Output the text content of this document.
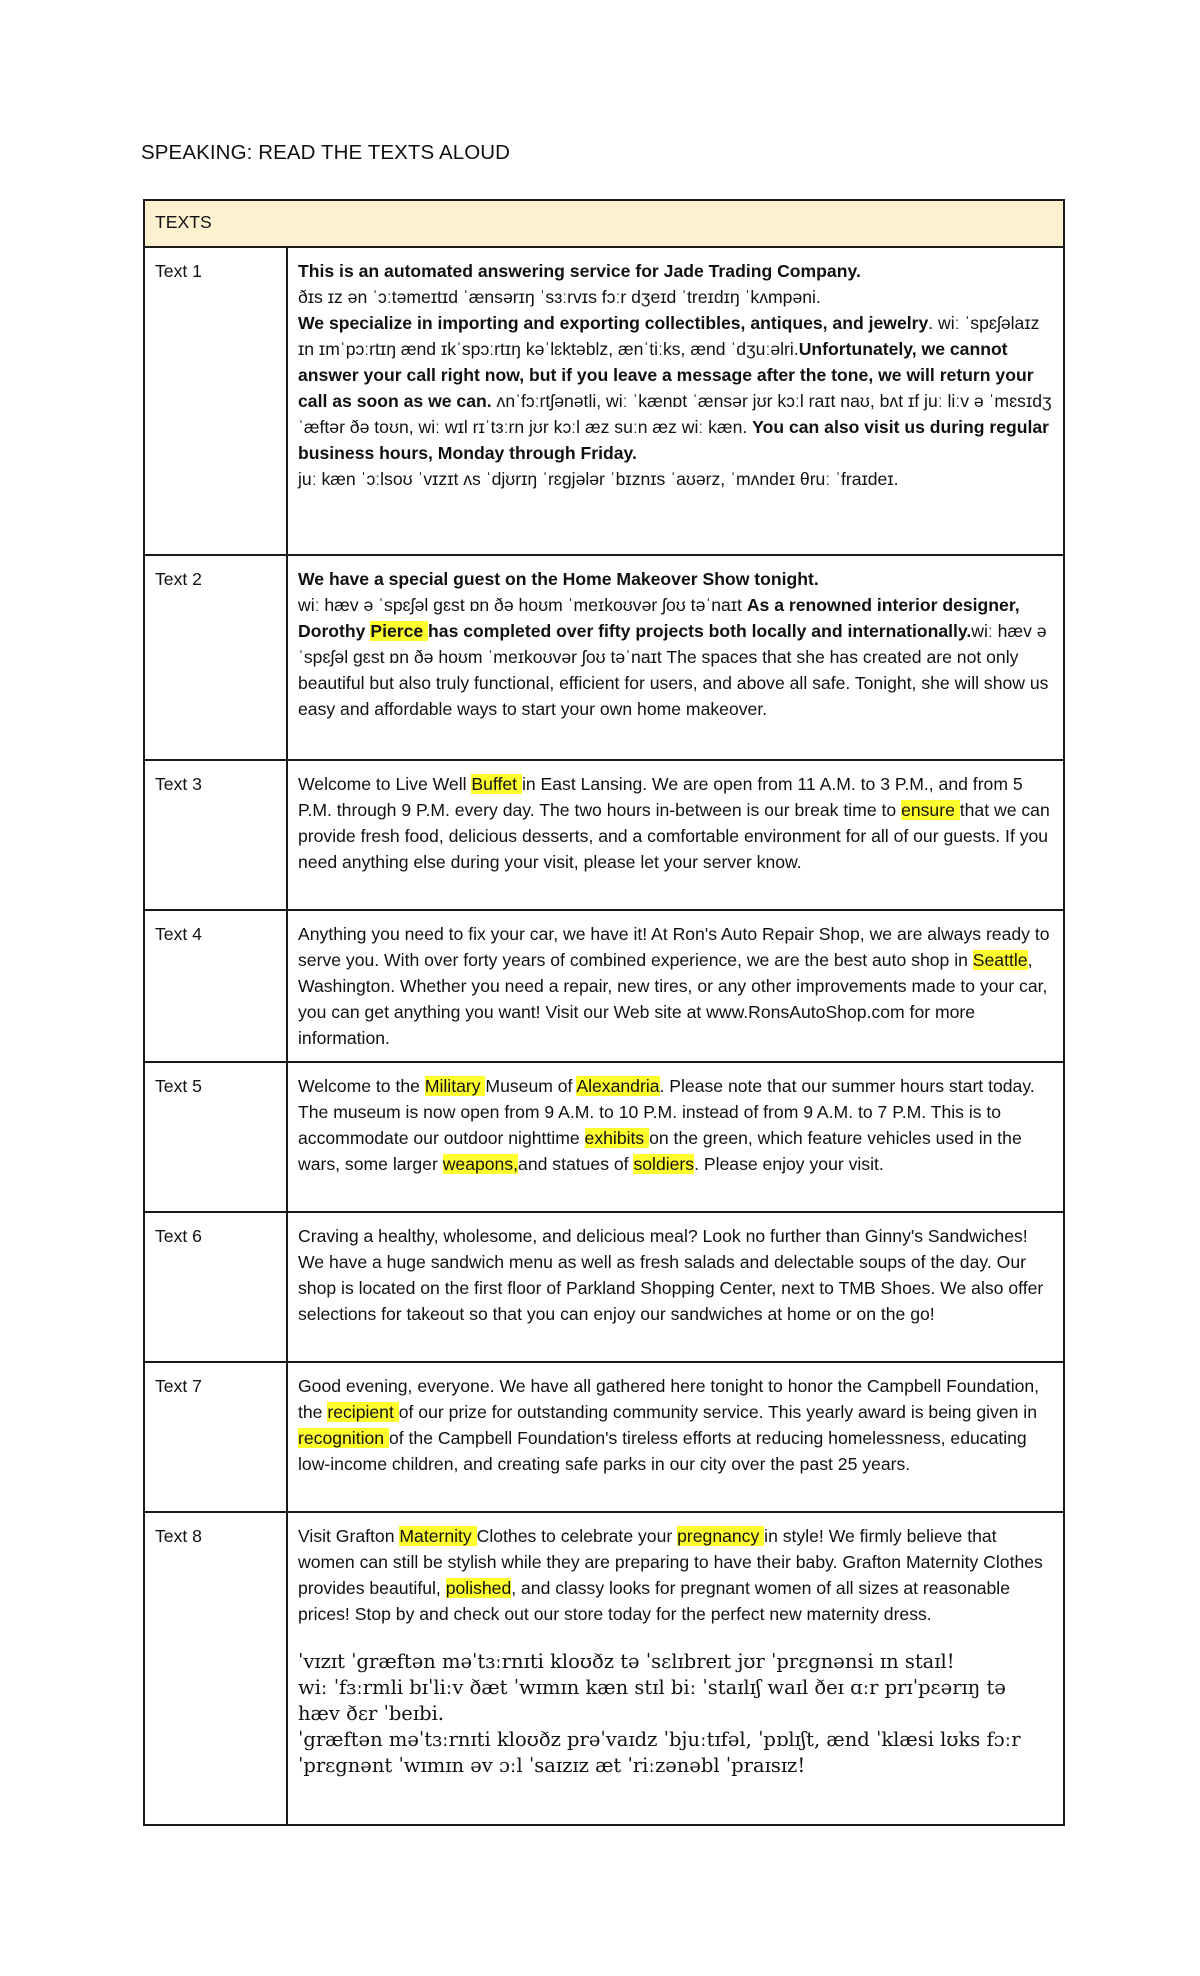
SPEAKING: READ THE TEXTS ALOUD
TEXTS	
Text 1	This is an automated answering service for Jade Trading Company.
ðɪs ɪz ən ˈɔːtəmeɪtɪd ˈænsərɪŋ ˈsɜːrvɪs fɔːr dʒeɪd ˈtreɪdɪŋ ˈkʌmpəni.
We specialize in importing and exporting collectibles, antiques, and jewelry. wiː ˈspɛʃəlaɪz ɪn ɪmˈpɔːrtɪŋ ænd ɪkˈspɔːrtɪŋ kəˈlɛktəblz, ænˈtiːks, ænd ˈdʒuːəlri.Unfortunately, we cannot answer your call right now, but if you leave a message after the tone, we will return your call as soon as we can. ʌnˈfɔːrtʃənətli, wiː ˈkænɒt ˈænsər jʊr kɔːl raɪt naʊ, bʌt ɪf juː liːv ə ˈmɛsɪdʒ ˈæftər ðə toʊn, wiː wɪl rɪˈtɜːrn jʊr kɔːl æz suːn æz wiː kæn. You can also visit us during regular business hours, Monday through Friday.
juː kæn ˈɔːlsoʊ ˈvɪzɪt ʌs ˈdjʊrɪŋ ˈrɛgjələr ˈbɪznɪs ˈaʊərz, ˈmʌndeɪ θruː ˈfraɪdeɪ.

Text 2	We have a special guest on the Home Makeover Show tonight.
wiː hæv ə ˈspɛʃəl gɛst ɒn ðə hoʊm ˈmeɪkoʊvər ʃoʊ təˈnaɪt As a renowned interior designer, Dorothy Pierce has completed over fifty projects both locally and internationally.wiː hæv ə ˈspɛʃəl gɛst ɒn ðə hoʊm ˈmeɪkoʊvər ʃoʊ təˈnaɪt The spaces that she has created are not only beautiful but also truly functional, efficient for users, and above all safe. Tonight, she will show us easy and affordable ways to start your own home makeover.
Text 3	Welcome to Live Well Buffet in East Lansing. We are open from 11 A.M. to 3 P.M., and from 5 P.M. through 9 P.M. every day. The two hours in-between is our break time to ensure that we can provide fresh food, delicious desserts, and a comfortable environment for all of our guests. If you need anything else during your visit, please let your server know.
Text 4	Anything you need to fix your car, we have it! At Ron's Auto Repair Shop, we are always ready to serve you. With over forty years of combined experience, we are the best auto shop in Seattle, Washington. Whether you need a repair, new tires, or any other improvements made to your car, you can get anything you want! Visit our Web site at www.RonsAutoShop.com for more information.
Text 5	Welcome to the Military Museum of Alexandria. Please note that our summer hours start today. The museum is now open from 9 A.M. to 10 P.M. instead of from 9 A.M. to 7 P.M. This is to accommodate our outdoor nighttime exhibits on the green, which feature vehicles used in the wars, some larger weapons,and statues of soldiers. Please enjoy your visit.
Text 6	Craving a healthy, wholesome, and delicious meal? Look no further than Ginny's Sandwiches! We have a huge sandwich menu as well as fresh salads and delectable soups of the day. Our shop is located on the first floor of Parkland Shopping Center, next to TMB Shoes. We also offer selections for takeout so that you can enjoy our sandwiches at home or on the go!
Text 7	Good evening, everyone. We have all gathered here tonight to honor the Campbell Foundation, the recipient of our prize for outstanding community service. This yearly award is being given in recognition of the Campbell Foundation's tireless efforts at reducing homelessness, educating low-income children, and creating safe parks in our city over the past 25 years.
Text 8	Visit Grafton Maternity Clothes to celebrate your pregnancy in style! We firmly believe that women can still be stylish while they are preparing to have their baby. Grafton Maternity Clothes provides beautiful, polished, and classy looks for pregnant women of all sizes at reasonable prices! Stop by and check out our store today for the perfect new maternity dress.
ˈvɪzɪt ˈgræftən məˈtɜːrnɪti kloʊðz tə ˈsɛlɪbreɪt jʊr ˈprɛgnənsi ɪn staɪl!
wiː ˈfɜːrmli bɪˈliːv ðæt ˈwɪmɪn kæn stɪl biː ˈstaɪlɪʃ waɪl ðeɪ ɑːr prɪˈpɛərɪŋ tə hæv ðɛr ˈbeɪbi.
ˈgræftən məˈtɜːrnɪti kloʊðz prəˈvaɪdz ˈbjuːtɪfəl, ˈpɒlɪʃt, ænd ˈklæsi lʊks fɔːr ˈprɛgnənt ˈwɪmɪn əv ɔːl ˈsaɪzɪz æt ˈriːzənəbl ˈpraɪsɪz!
